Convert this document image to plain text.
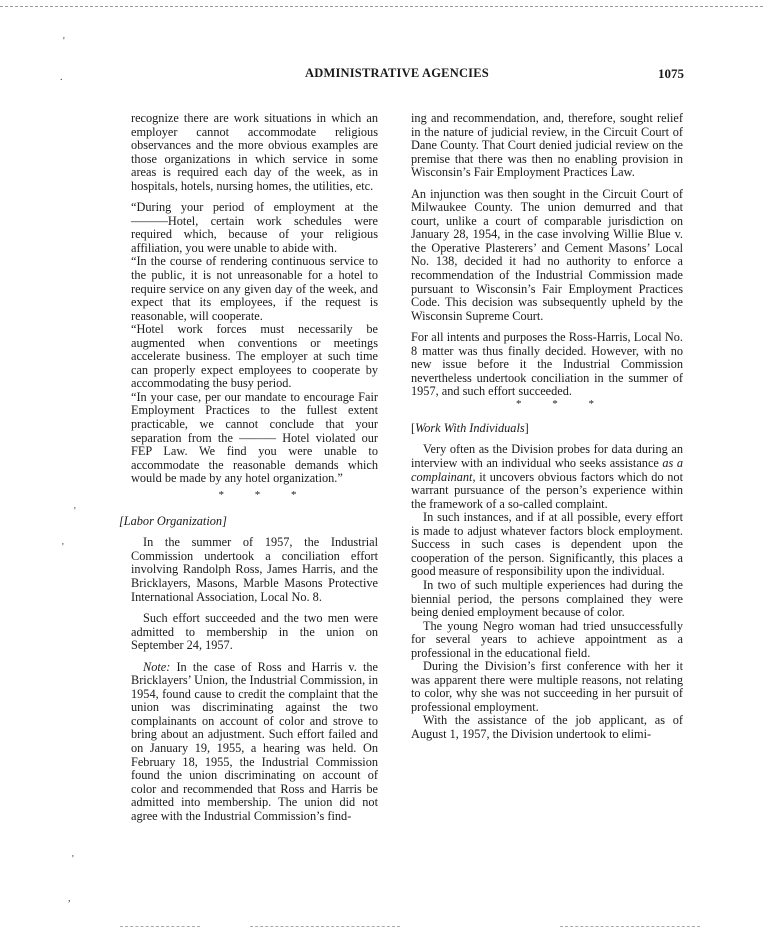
ADMINISTRATIVE AGENCIES	1075
'
.
'
'
'
,

recognize there are work situations in which an employer cannot accommodate religious observances and the more obvious examples are those organizations in which service in some areas is required each day of the week, as in hospitals, hotels, nursing homes, the utilities, etc.

“During your period of employment at the ———Hotel, certain work schedules were required which, because of your religious affiliation, you were unable to abide with.

“In the course of rendering continuous service to the public, it is not unreasonable for a hotel to require service on any given day of the week, and expect that its employees, if the request is reasonable, will cooperate.

“Hotel work forces must necessarily be augmented when conventions or meetings accelerate business. The employer at such time can properly expect employees to cooperate by accommodating the busy period.

“In your case, per our mandate to encourage Fair Employment Practices to the fullest extent practicable, we cannot conclude that your separation from the ——— Hotel violated our FEP Law. We find you were unable to accommodate the reasonable demands which would be made by any hotel organization.”

* * *

[Labor Organization]

In the summer of 1957, the Industrial Commission undertook a conciliation effort involving Randolph Ross, James Harris, and the Bricklayers, Masons, Marble Masons Protective International Association, Local No. 8.

Such effort succeeded and the two men were admitted to membership in the union on September 24, 1957.

Note: In the case of Ross and Harris v. the Bricklayers’ Union, the Industrial Commission, in 1954, found cause to credit the complaint that the union was discriminating against the two complainants on account of color and strove to bring about an adjustment. Such effort failed and on January 19, 1955, a hearing was held. On February 18, 1955, the Industrial Commission found the union discriminating on account of color and recommended that Ross and Harris be admitted into membership. The union did not agree with the Industrial Commission’s find-

ing and recommendation, and, therefore, sought relief in the nature of judicial review, in the Circuit Court of Dane County. That Court denied judicial review on the premise that there was then no enabling provision in Wisconsin’s Fair Employment Practices Law.

An injunction was then sought in the Circuit Court of Milwaukee County. The union demurred and that court, unlike a court of comparable jurisdiction on January 28, 1954, in the case involving Willie Blue v. the Operative Plasterers’ and Cement Masons’ Local No. 138, decided it had no authority to enforce a recommendation of the Industrial Commission made pursuant to Wisconsin’s Fair Employment Practices Code. This decision was subsequently upheld by the Wisconsin Supreme Court.

For all intents and purposes the Ross-Harris, Local No. 8 matter was thus finally decided. However, with no new issue before it the Industrial Commission nevertheless undertook conciliation in the summer of 1957, and such effort succeeded.

* * *

[Work With Individuals]

Very often as the Division probes for data during an interview with an individual who seeks assistance as a complainant, it uncovers obvious factors which do not warrant pursuance of the person’s experience within the framework of a so-called complaint.

In such instances, and if at all possible, every effort is made to adjust whatever factors block employment. Success in such cases is dependent upon the cooperation of the person. Significantly, this places a good measure of responsibility upon the individual.

In two of such multiple experiences had during the biennial period, the persons complained they were being denied employment because of color.

The young Negro woman had tried unsuccessfully for several years to achieve appointment as a professional in the educational field.

During the Division’s first conference with her it was apparent there were multiple reasons, not relating to color, why she was not succeeding in her pursuit of professional employment.

With the assistance of the job applicant, as of August 1, 1957, the Division undertook to elimi-
